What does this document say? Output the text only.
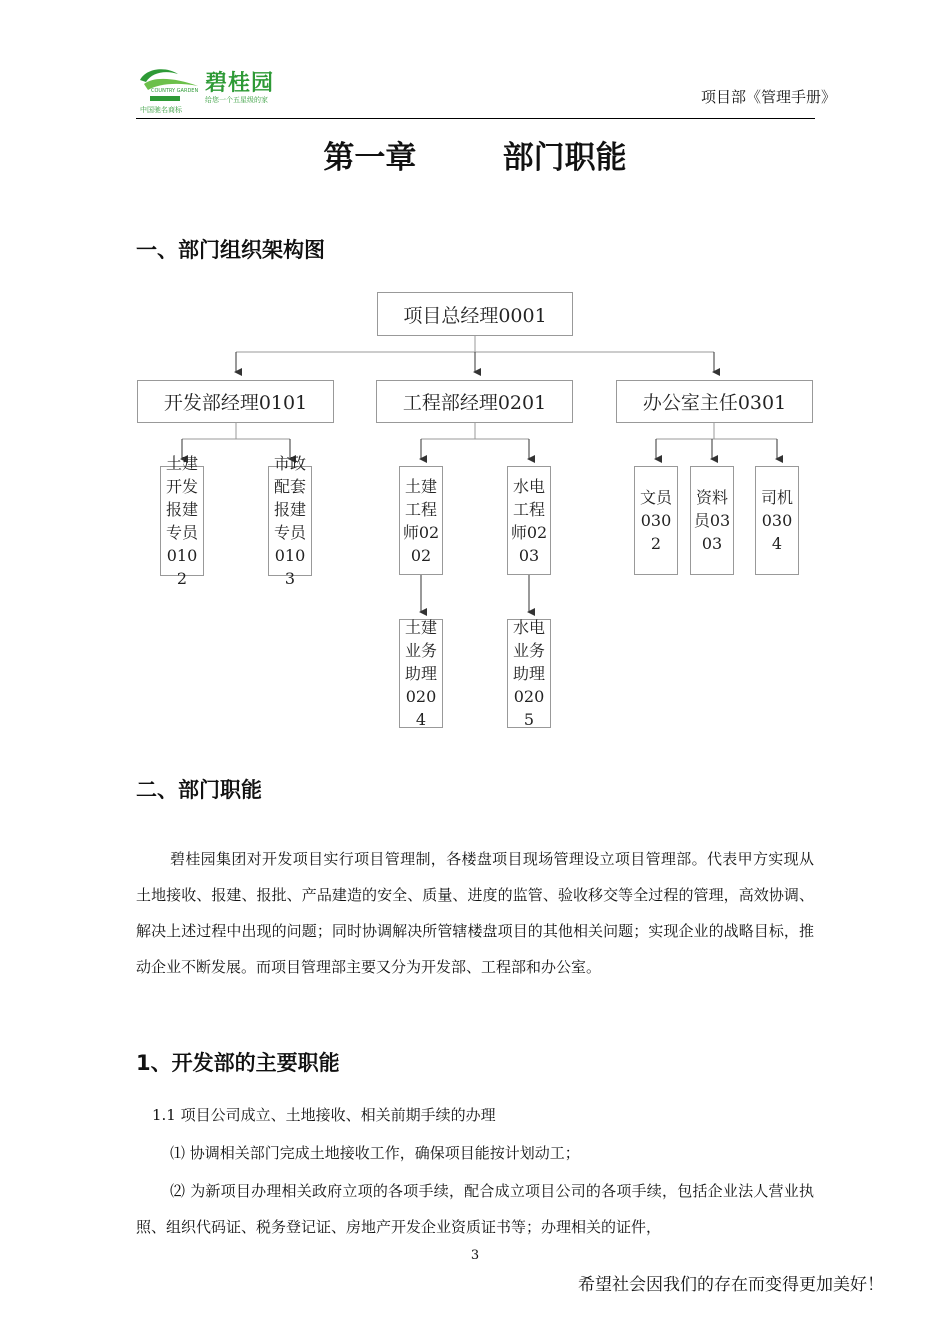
碧桂园
给您一个五星级的家
COUNTRY GARDEN
中国驰名商标
项目部《管理手册》
第一章        部门职能
一、部门组织架构图
项目总经理0001
开发部经理0101	工程部经理0201	办公室主任0301
土建开发报建专员0102
市政配套报建专员0103
土建工程师0202
水电工程师0203
土建业务助理0204
水电业务助理0205
文员0302
资料员0303
司机0304
二、部门职能
碧桂园集团对开发项目实行项目管理制，各楼盘项目现场管理设立项目管理部。代表甲方实现从土地接收、报建、报批、产品建造的安全、质量、进度的监管、验收移交等全过程的管理，高效协调、解决上述过程中出现的问题；同时协调解决所管辖楼盘项目的其他相关问题；实现企业的战略目标，推动企业不断发展。而项目管理部主要又分为开发部、工程部和办公室。
1、开发部的主要职能
1.1 项目公司成立、土地接收、相关前期手续的办理
⑴ 协调相关部门完成土地接收工作，确保项目能按计划动工；
⑵ 为新项目办理相关政府立项的各项手续，配合成立项目公司的各项手续，包括企业法人营业执照、组织代码证、税务登记证、房地产开发企业资质证书等；办理相关的证件，
3
希望社会因我们的存在而变得更加美好！
